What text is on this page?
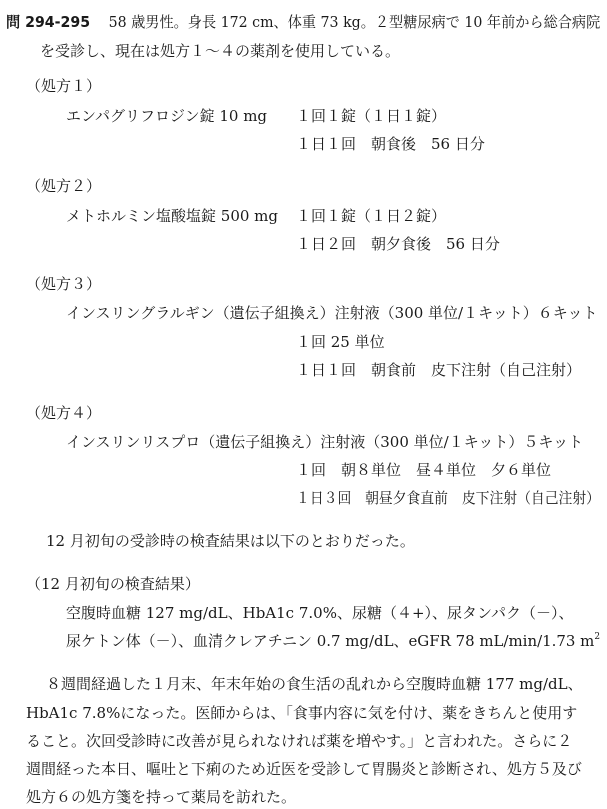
問 294-295 58 歳男性。身長 172 cm、体重 73 kg。２型糖尿病で 10 年前から総合病院
を受診し、現在は処方１〜４の薬剤を使用している。
（処方１）
エンパグリフロジン錠 10 mg １回１錠（１日１錠）
１日１回　朝食後　56 日分
（処方２）
メトホルミン塩酸塩錠 500 mg １回１錠（１日２錠）
１日２回　朝夕食後　56 日分
（処方３）
インスリングラルギン（遺伝子組換え）注射液（300 単位/１キット）６キット
１回 25 単位
１日１回　朝食前　皮下注射（自己注射）
（処方４）
インスリンリスプロ（遺伝子組換え）注射液（300 単位/１キット）５キット
１回　朝８単位　昼４単位　夕６単位
１日３回　朝昼夕食直前　皮下注射（自己注射）
12 月初旬の受診時の検査結果は以下のとおりだった。
（12 月初旬の検査結果）
空腹時血糖 127 mg/dL、HbA1c 7.0%、尿糖（４+）、尿タンパク（－）、
尿ケトン体（－）、血清クレアチニン 0.7 mg/dL、eGFR 78 mL/min/1.73 $m^2$
８週間経過した１月末、年末年始の食生活の乱れから空腹時血糖 177 mg/dL、
HbA1c 7.8%になった。医師からは、「食事内容に気を付け、薬をきちんと使用す
ること。次回受診時に改善が見られなければ薬を増やす。」と言われた。さらに２
週間経った本日、嘔吐と下痢のため近医を受診して胃腸炎と診断され、処方５及び
処方６の処方箋を持って薬局を訪れた。
